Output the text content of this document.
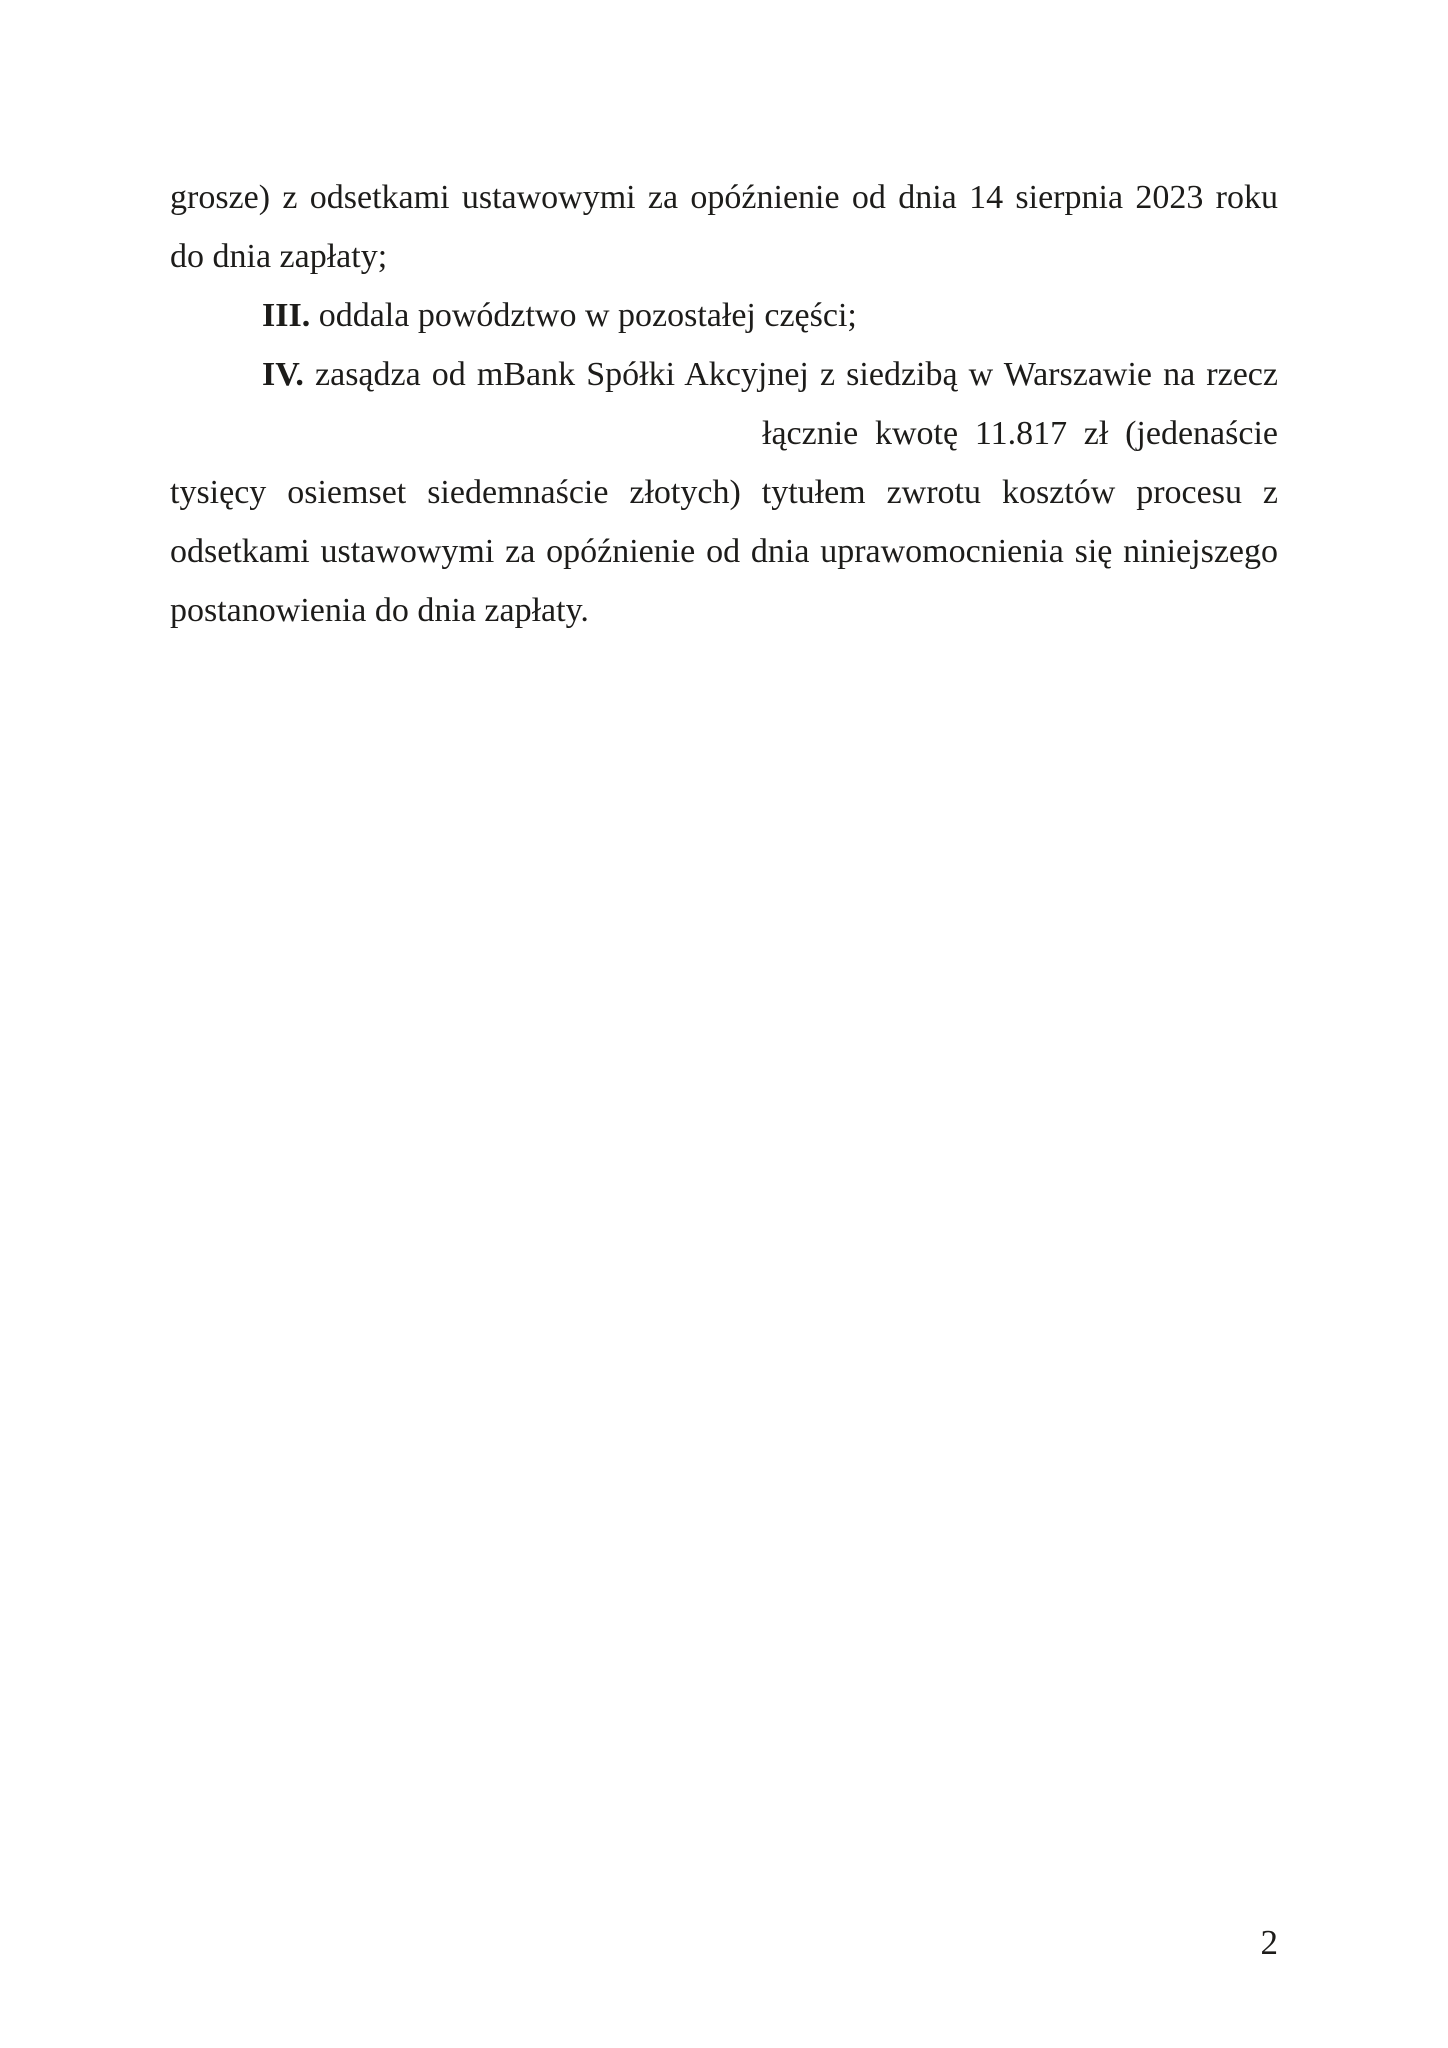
grosze) z odsetkami ustawowymi za opóźnienie od dnia 14 sierpnia 2023 roku

do dnia zapłaty;

III. oddala powództwo w pozostałej części;

IV. zasądza od mBank Spółki Akcyjnej z siedzibą w Warszawie na rzecz

łącznie kwotę 11.817 zł (jedenaście

tysięcy osiemset siedemnaście złotych) tytułem zwrotu kosztów procesu z

odsetkami ustawowymi za opóźnienie od dnia uprawomocnienia się niniejszego

postanowienia do dnia zapłaty.

2
